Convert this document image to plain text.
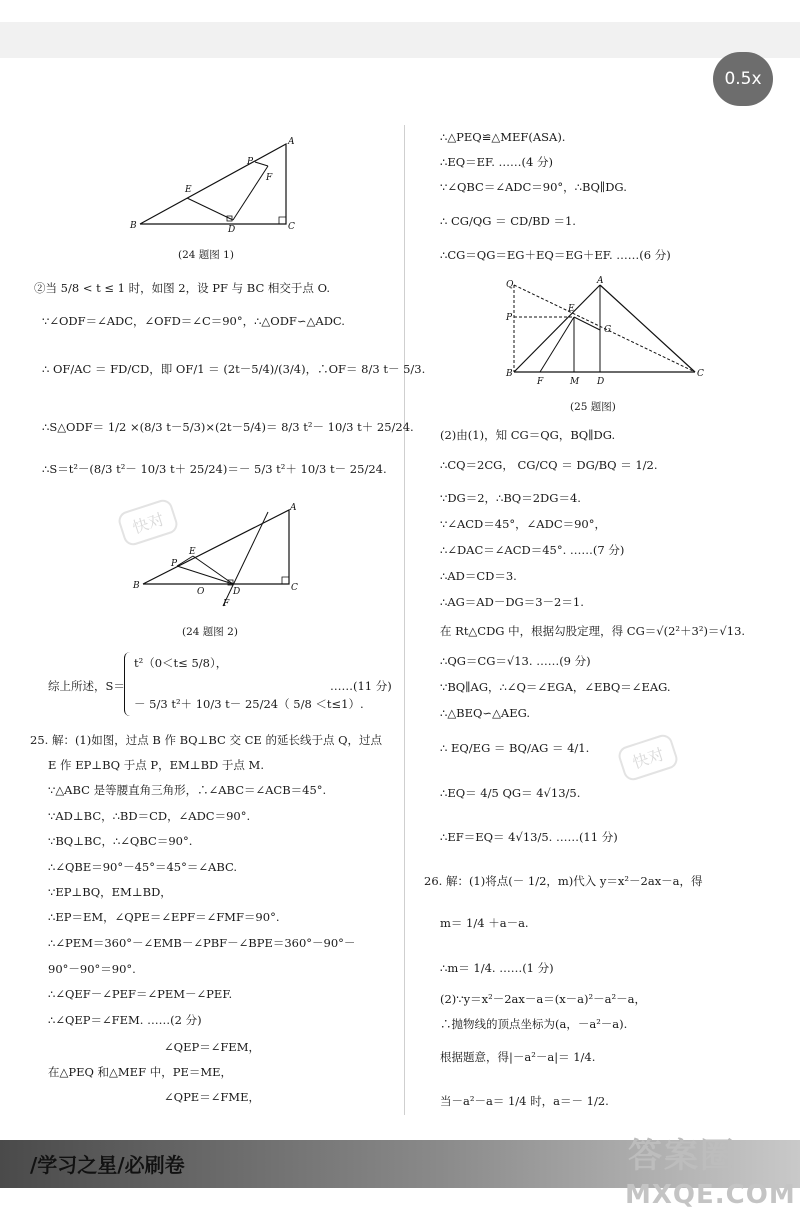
0.5x
A
B	C
D
E
F
P
(24 题图 1)
②当 5/8 < t ≤ 1 时，如图 2，设 PF 与 BC 相交于点 O.
∵∠ODF＝∠ADC，∠OFD＝∠C＝90°，∴△ODF∽△ADC.
∴ OF/AC ＝ FD/CD，即 OF/1 ＝ (2t－5/4)/(3/4)，∴OF＝ 8/3 t－ 5/3.
∴S△ODF＝ 1/2 ×(8/3 t－5/3)×(2t－5/4)＝ 8/3 t²－ 10/3 t＋ 25/24.
∴S＝t²－(8/3 t²－ 10/3 t＋ 25/24)＝－ 5/3 t²＋ 10/3 t－ 25/24.
A
B	C
D
E
F
P
O
(24 题图 2)
综上所述，S＝
t²（0＜t≤ 5/8），
－ 5/3 t²＋ 10/3 t－ 25/24（ 5/8 ＜t≤1）.
……(11 分)
25. 解：(1)如图，过点 B 作 BQ⊥BC 交 CE 的延长线于点 Q，过点
E 作 EP⊥BQ 于点 P，EM⊥BD 于点 M.
∵△ABC 是等腰直角三角形，∴∠ABC＝∠ACB＝45°.
∵AD⊥BC，∴BD＝CD，∠ADC＝90°.
∵BQ⊥BC，∴∠QBC＝90°.
∴∠QBE＝90°－45°＝45°＝∠ABC.
∵EP⊥BQ，EM⊥BD，
∴EP＝EM，∠QPE＝∠EPF＝∠FMF＝90°.
∴∠PEM＝360°－∠EMB－∠PBF－∠BPE＝360°－90°－
90°－90°＝90°.
∴∠QEF－∠PEF＝∠PEM－∠PEF.
∴∠QEP＝∠FEM. ……(2 分)
∠QEP＝∠FEM，
在△PEQ 和△MEF 中，PE＝ME，
∠QPE＝∠FME，
∴△PEQ≌△MEF(ASA).
∴EQ＝EF. ……(4 分)
∵∠QBC＝∠ADC＝90°，∴BQ∥DG.
∴ CG/QG ＝ CD/BD ＝1.
∴CG＝QG＝EG＋EQ＝EG＋EF. ……(6 分)
Q	A
P
E
G
B
F	M D
C
(25 题图)
(2)由(1)，知 CG＝QG，BQ∥DG.
∴CQ＝2CG， CG/CQ ＝ DG/BQ ＝ 1/2.
∵DG＝2，∴BQ＝2DG＝4.
∵∠ACD＝45°，∠ADC＝90°，
∴∠DAC＝∠ACD＝45°. ……(7 分)
∴AD＝CD＝3.
∴AG＝AD－DG＝3－2＝1.
在 Rt△CDG 中，根据勾股定理，得 CG＝√(2²＋3²)＝√13.
∴QG＝CG＝√13. ……(9 分)
∵BQ∥AG，∴∠Q＝∠EGA，∠EBQ＝∠EAG.
∴△BEQ∽△AEG.
∴ EQ/EG ＝ BQ/AG ＝ 4/1.
∴EQ＝ 4/5 QG＝ 4√13/5.
∴EF＝EQ＝ 4√13/5. ……(11 分)
26. 解：(1)将点(－ 1/2，m)代入 y＝x²－2ax－a，得
m＝ 1/4 ＋a－a.
∴m＝ 1/4. ……(1 分)
(2)∵y＝x²－2ax－a＝(x－a)²－a²－a，
∴抛物线的顶点坐标为(a，－a²－a).
根据题意，得|－a²－a|＝ 1/4.
当－a²－a＝ 1/4 时，a＝－ 1/2.
快对
快对
/学习之星/必刷卷	答案圈
MXQE.COM
